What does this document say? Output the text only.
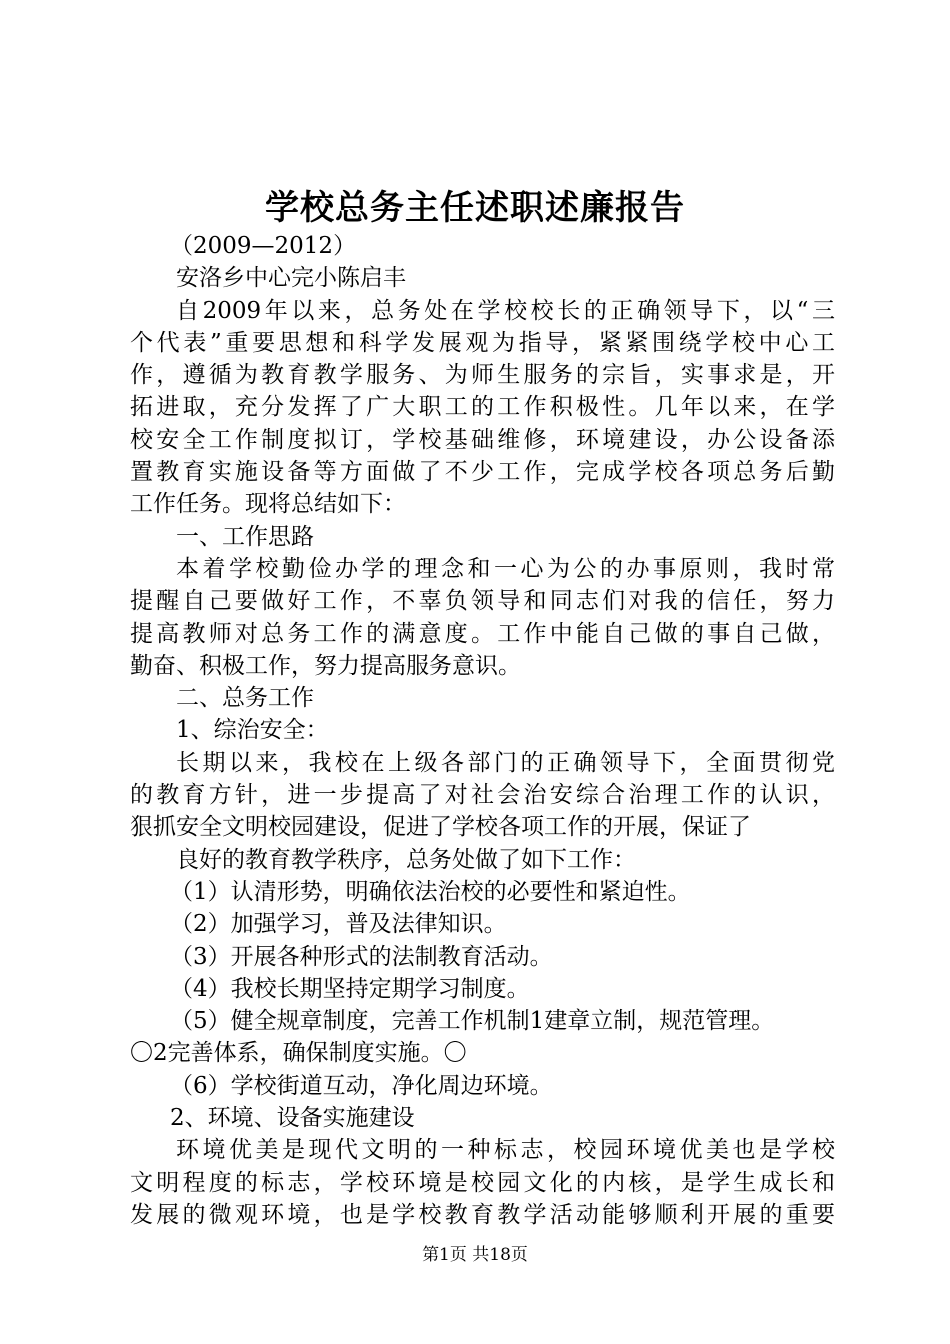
学校总务主任述职述廉报告
（2009—2012）
安洛乡中心完小陈启丰
自2009年以来，总务处在学校校长的正确领导下，以“三
个代表”重要思想和科学发展观为指导，紧紧围绕学校中心工
作，遵循为教育教学服务、为师生服务的宗旨，实事求是，开
拓进取，充分发挥了广大职工的工作积极性。几年以来，在学
校安全工作制度拟订，学校基础维修，环境建设，办公设备添
置教育实施设备等方面做了不少工作，完成学校各项总务后勤
工作任务。现将总结如下：
一、工作思路
本着学校勤俭办学的理念和一心为公的办事原则，我时常
提醒自己要做好工作，不辜负领导和同志们对我的信任，努力
提高教师对总务工作的满意度。工作中能自己做的事自己做，
勤奋、积极工作，努力提高服务意识。
二、总务工作
1、综治安全：
长期以来，我校在上级各部门的正确领导下，全面贯彻党
的教育方针，进一步提高了对社会治安综合治理工作的认识，
狠抓安全文明校园建设，促进了学校各项工作的开展，保证了
良好的教育教学秩序，总务处做了如下工作：
（1）认清形势，明确依法治校的必要性和紧迫性。
（2）加强学习，普及法律知识。
（3）开展各种形式的法制教育活动。
（4）我校长期坚持定期学习制度。
（5）健全规章制度，完善工作机制1建章立制，规范管理。
〇2完善体系，确保制度实施。〇
（6）学校街道互动，净化周边环境。
2、环境、设备实施建设
环境优美是现代文明的一种标志，校园环境优美也是学校
文明程度的标志，学校环境是校园文化的内核，是学生成长和
发展的微观环境，也是学校教育教学活动能够顺利开展的重要
第1页 共18页
